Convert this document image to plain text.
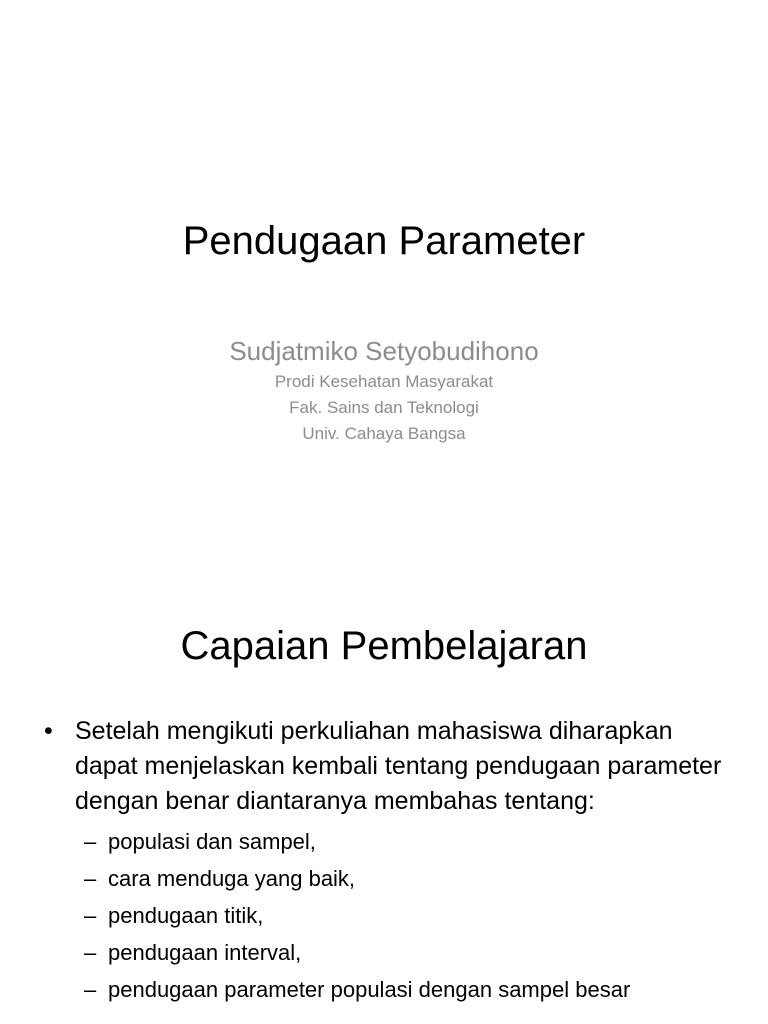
Pendugaan Parameter
Sudjatmiko Setyobudihono
Prodi Kesehatan Masyarakat
Fak. Sains dan Teknologi
Univ. Cahaya Bangsa
Capaian Pembelajaran
• Setelah mengikuti perkuliahan mahasiswa diharapkan dapat menjelaskan kembali tentang pendugaan parameter dengan benar diantaranya membahas tentang:
– populasi dan sampel,
– cara menduga yang baik,
– pendugaan titik,
– pendugaan interval,
– pendugaan parameter populasi dengan sampel besar
